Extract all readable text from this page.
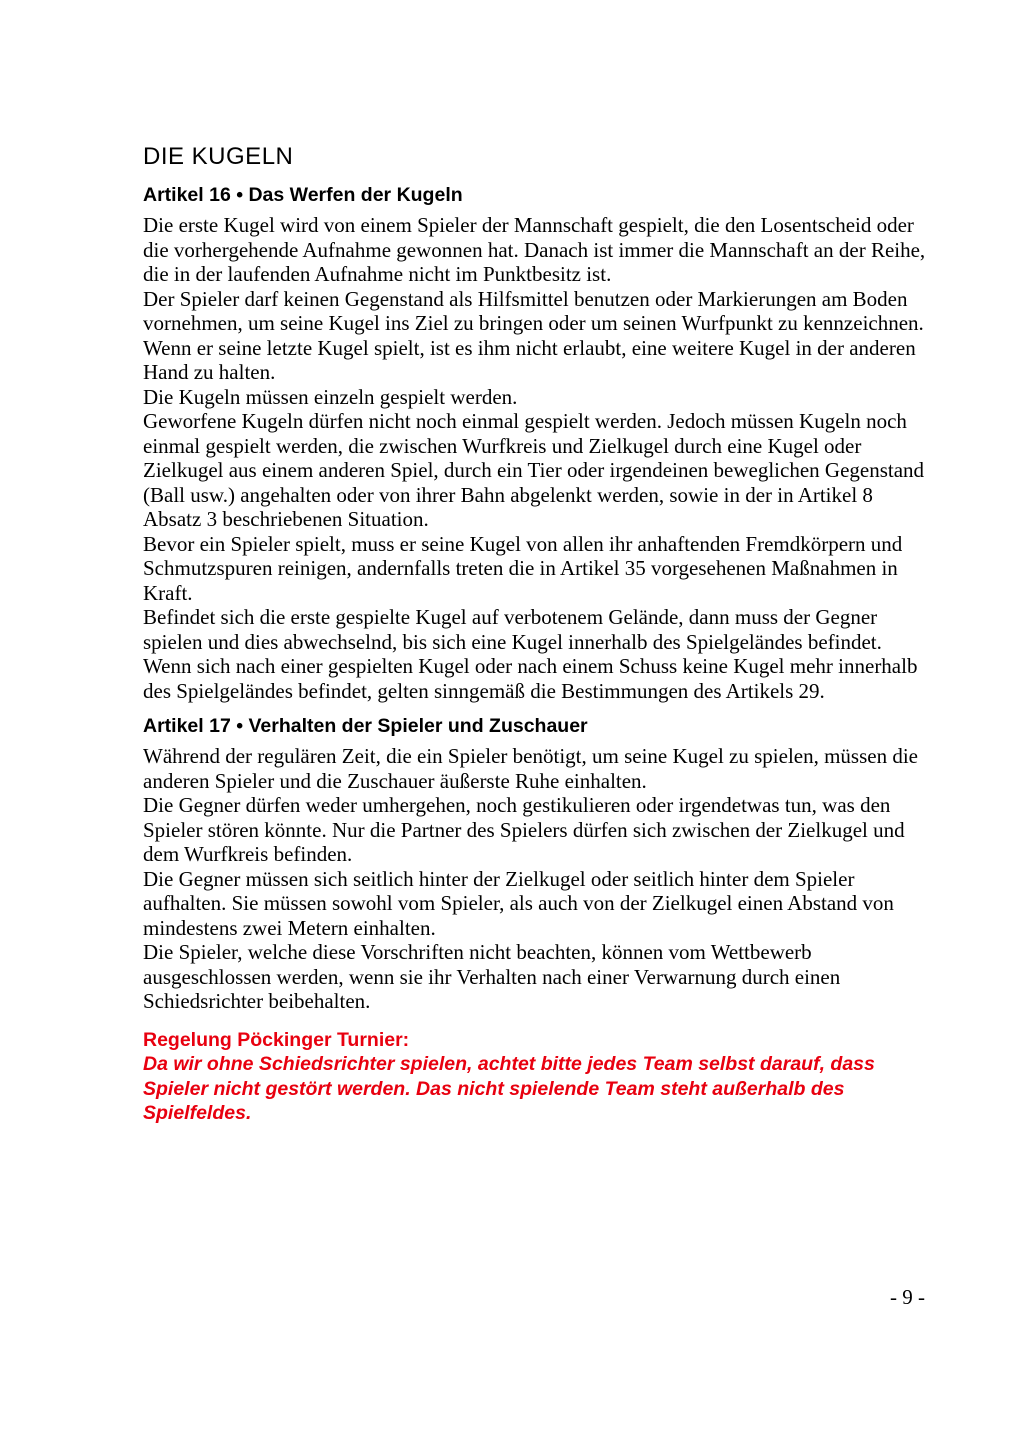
DIE KUGELN
Artikel 16 • Das Werfen der Kugeln

Die erste Kugel wird von einem Spieler der Mannschaft gespielt, die den Losentscheid oder die vorhergehende Aufnahme gewonnen hat. Danach ist immer die Mannschaft an der Reihe, die in der laufenden Aufnahme nicht im Punktbesitz ist.

Der Spieler darf keinen Gegenstand als Hilfsmittel benutzen oder Markierungen am Boden vornehmen, um seine Kugel ins Ziel zu bringen oder um seinen Wurfpunkt zu kennzeichnen. Wenn er seine letzte Kugel spielt, ist es ihm nicht erlaubt, eine weitere Kugel in der anderen Hand zu halten.

Die Kugeln müssen einzeln gespielt werden.

Geworfene Kugeln dürfen nicht noch einmal gespielt werden. Jedoch müssen Kugeln noch einmal gespielt werden, die zwischen Wurfkreis und Zielkugel durch eine Kugel oder Zielkugel aus einem anderen Spiel, durch ein Tier oder irgendeinen beweglichen Gegenstand (Ball usw.) angehalten oder von ihrer Bahn abgelenkt werden, sowie in der in Artikel 8 Absatz 3 beschriebenen Situation.

Bevor ein Spieler spielt, muss er seine Kugel von allen ihr anhaftenden Fremdkörpern und Schmutzspuren reinigen, andernfalls treten die in Artikel 35 vorgesehenen Maßnahmen in Kraft.

Befindet sich die erste gespielte Kugel auf verbotenem Gelände, dann muss der Gegner spielen und dies abwechselnd, bis sich eine Kugel innerhalb des Spielgeländes befindet.

Wenn sich nach einer gespielten Kugel oder nach einem Schuss keine Kugel mehr innerhalb des Spielgeländes befindet, gelten sinngemäß die Bestimmungen des Artikels 29.

Artikel 17 • Verhalten der Spieler und Zuschauer

Während der regulären Zeit, die ein Spieler benötigt, um seine Kugel zu spielen, müssen die anderen Spieler und die Zuschauer äußerste Ruhe einhalten.

Die Gegner dürfen weder umhergehen, noch gestikulieren oder irgendetwas tun, was den Spieler stören könnte. Nur die Partner des Spielers dürfen sich zwischen der Zielkugel und dem Wurfkreis befinden.

Die Gegner müssen sich seitlich hinter der Zielkugel oder seitlich hinter dem Spieler aufhalten. Sie müssen sowohl vom Spieler, als auch von der Zielkugel einen Abstand von mindestens zwei Metern einhalten.

Die Spieler, welche diese Vorschriften nicht beachten, können vom Wettbewerb ausgeschlossen werden, wenn sie ihr Verhalten nach einer Verwarnung durch einen Schiedsrichter beibehalten.

Regelung Pöckinger Turnier:

Da wir ohne Schiedsrichter spielen, achtet bitte jedes Team selbst darauf, dass Spieler nicht gestört werden. Das nicht spielende Team steht außerhalb des Spielfeldes.

- 9 -
